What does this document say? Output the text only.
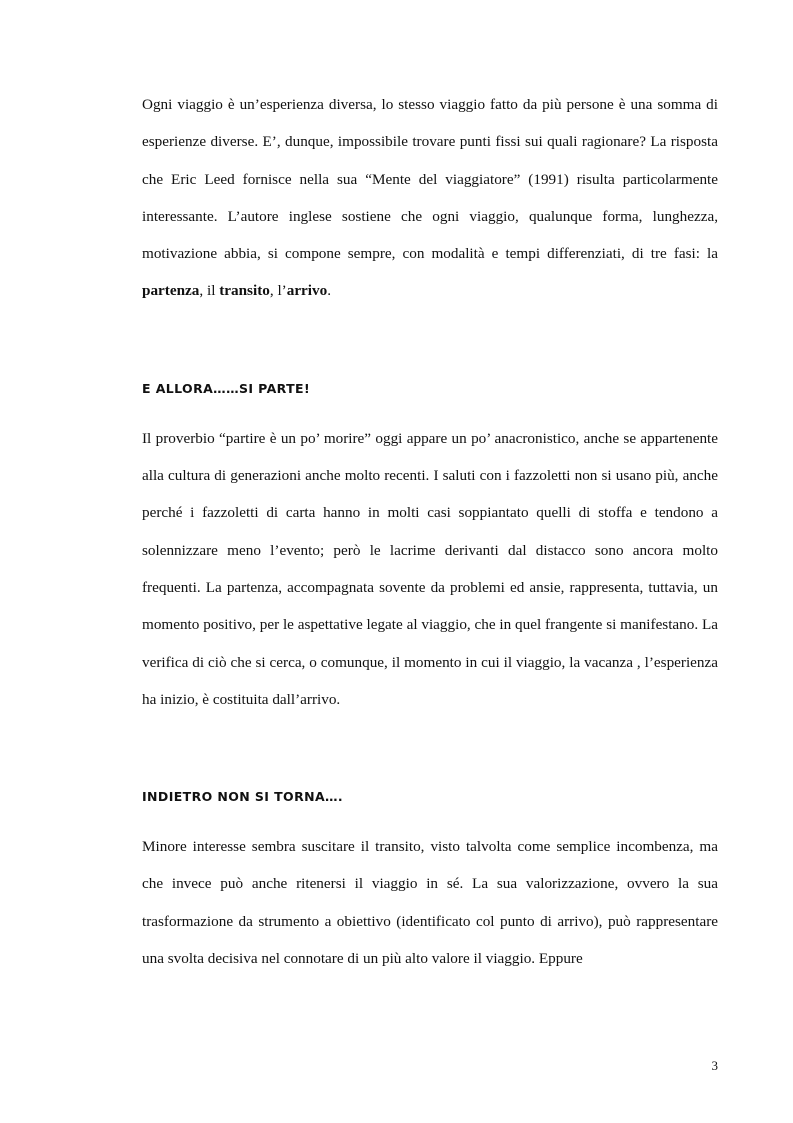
Ogni viaggio è un’esperienza diversa, lo stesso viaggio fatto da più persone è una somma di esperienze diverse. E’, dunque, impossibile trovare punti fissi sui quali ragionare? La risposta che Eric Leed fornisce nella sua “Mente del viaggiatore” (1991) risulta particolarmente interessante. L’autore inglese sostiene che ogni viaggio, qualunque forma, lunghezza, motivazione abbia, si compone sempre, con modalità e tempi differenziati, di tre fasi: la partenza, il transito, l’arrivo.

E ALLORA……SI PARTE!

Il proverbio “partire è un po’ morire” oggi appare un po’ anacronistico, anche se appartenente alla cultura di generazioni anche molto recenti. I saluti con i fazzoletti non si usano più, anche perché i fazzoletti di carta hanno in molti casi soppiantato quelli di stoffa e tendono a solennizzare meno l’evento; però le lacrime derivanti dal distacco sono ancora molto frequenti. La partenza, accompagnata sovente da problemi ed ansie, rappresenta, tuttavia, un momento positivo, per le aspettative legate al viaggio, che in quel frangente si manifestano. La verifica di ciò che si cerca, o comunque, il momento in cui il viaggio, la vacanza , l’esperienza ha inizio, è costituita dall’arrivo.

INDIETRO NON SI TORNA….

Minore interesse sembra suscitare il transito, visto talvolta come semplice incombenza, ma che invece può anche ritenersi il viaggio in sé. La sua valorizzazione, ovvero la sua trasformazione da strumento a obiettivo (identificato col punto di arrivo), può rappresentare una svolta decisiva nel connotare di un più alto valore il viaggio. Eppure

3
